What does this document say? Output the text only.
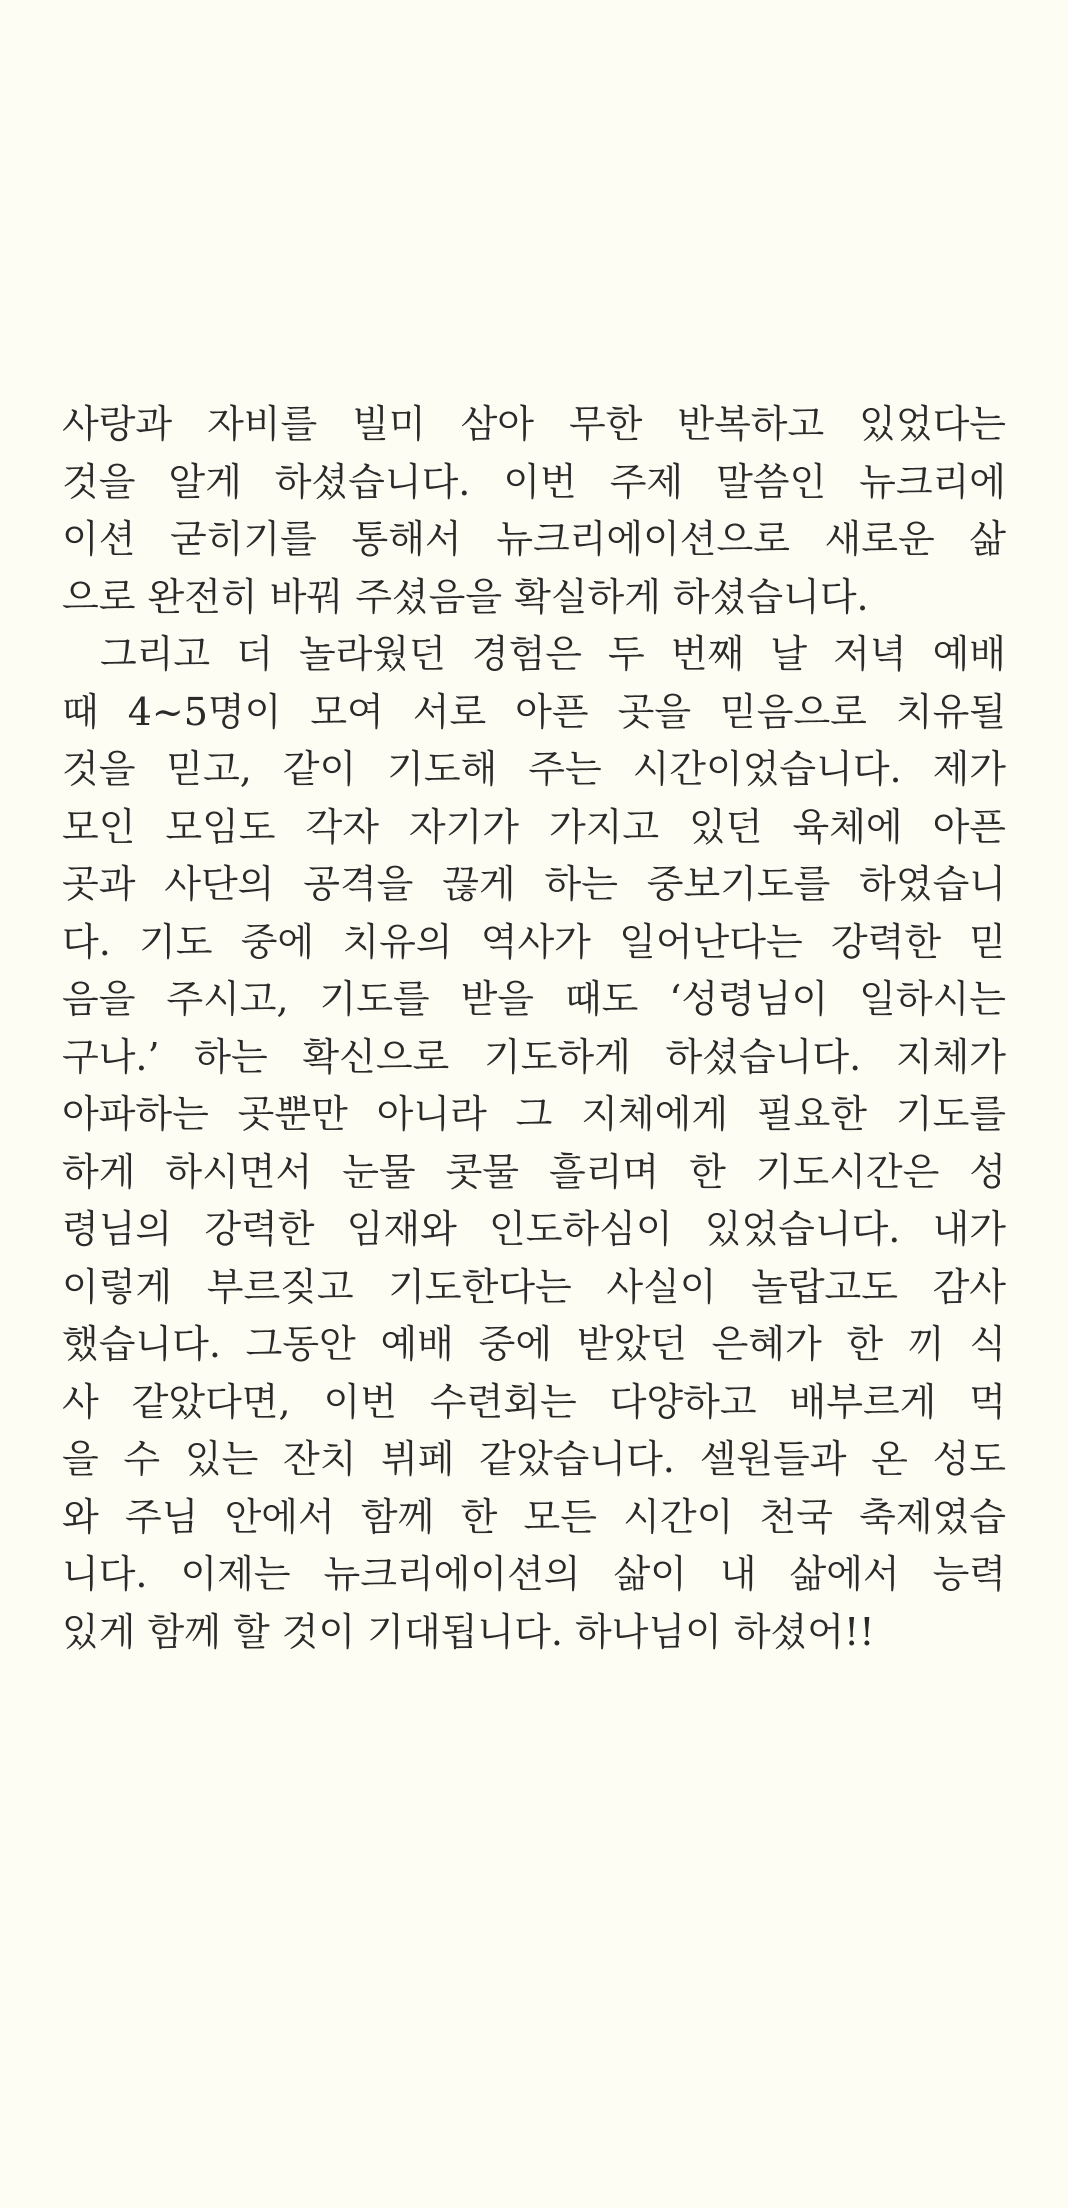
사랑과 자비를 빌미 삼아 무한 반복하고 있었다는
것을 알게 하셨습니다. 이번 주제 말씀인 뉴크리에
이션 굳히기를 통해서 뉴크리에이션으로 새로운 삶
으로 완전히 바꿔 주셨음을 확실하게 하셨습니다.
그리고 더 놀라웠던 경험은 두 번째 날 저녁 예배
때 4~5명이 모여 서로 아픈 곳을 믿음으로 치유될
것을 믿고, 같이 기도해 주는 시간이었습니다. 제가
모인 모임도 각자 자기가 가지고 있던 육체에 아픈
곳과 사단의 공격을 끊게 하는 중보기도를 하였습니
다. 기도 중에 치유의 역사가 일어난다는 강력한 믿
음을 주시고, 기도를 받을 때도 ‘성령님이 일하시는
구나.’ 하는 확신으로 기도하게 하셨습니다. 지체가
아파하는 곳뿐만 아니라 그 지체에게 필요한 기도를
하게 하시면서 눈물 콧물 흘리며 한 기도시간은 성
령님의 강력한 임재와 인도하심이 있었습니다. 내가
이렇게 부르짖고 기도한다는 사실이 놀랍고도 감사
했습니다. 그동안 예배 중에 받았던 은혜가 한 끼 식
사 같았다면, 이번 수련회는 다양하고 배부르게 먹
을 수 있는 잔치 뷔페 같았습니다. 셀원들과 온 성도
와 주님 안에서 함께 한 모든 시간이 천국 축제였습
니다. 이제는 뉴크리에이션의 삶이 내 삶에서 능력
있게 함께 할 것이 기대됩니다. 하나님이 하셨어!!
